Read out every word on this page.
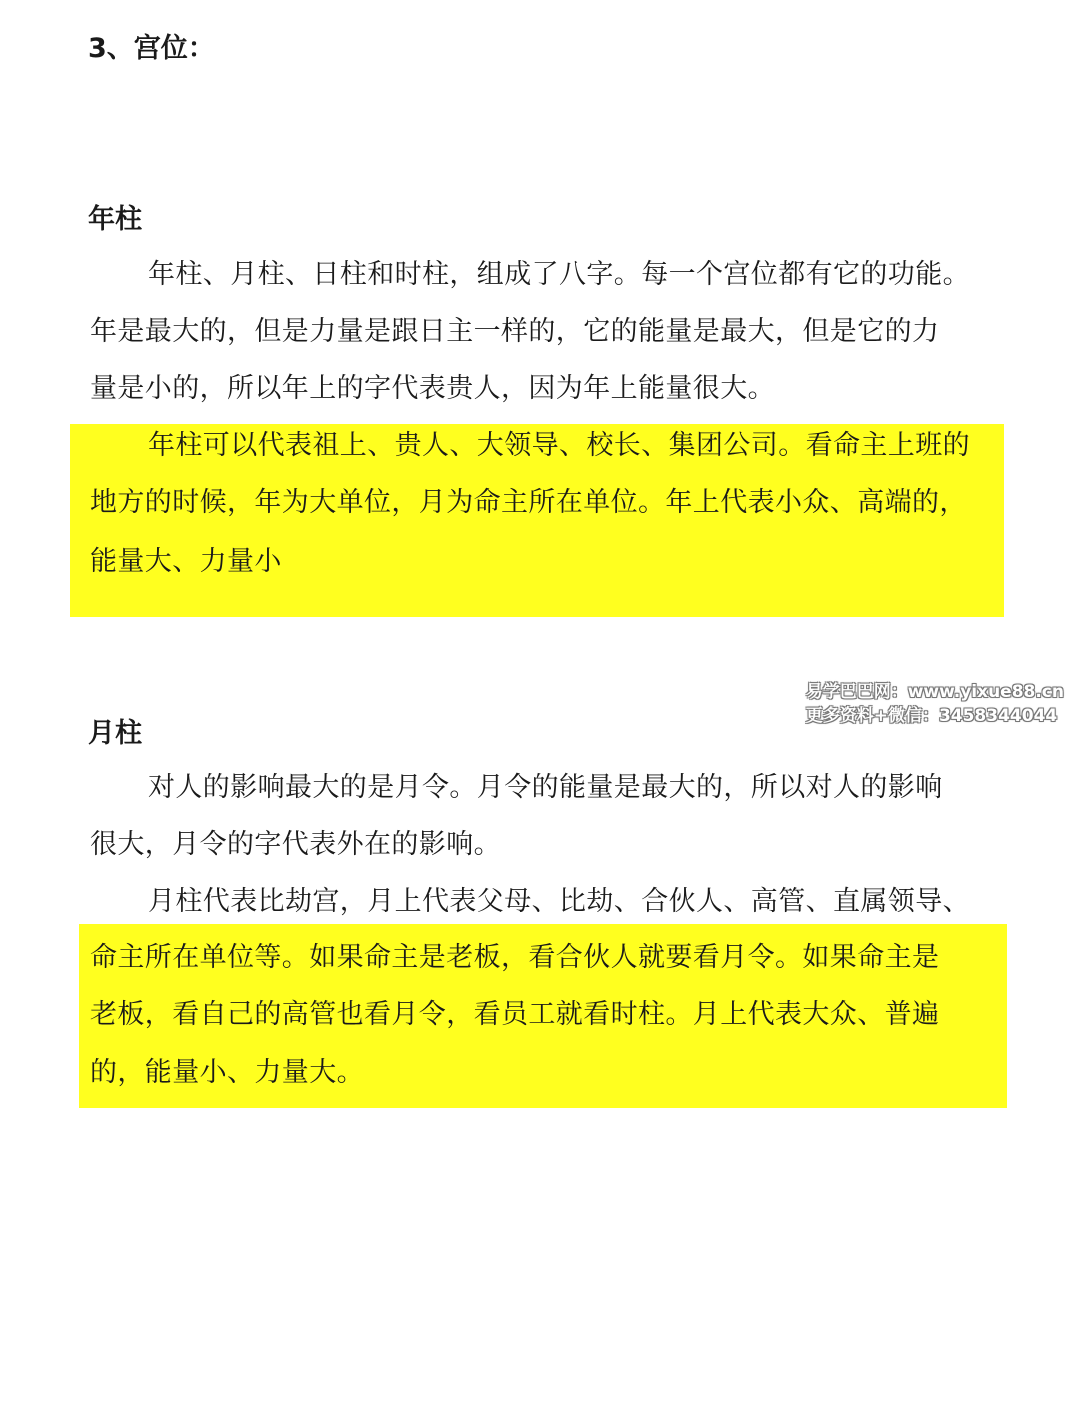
3、宫位：
年柱

年柱、月柱、日柱和时柱，组成了八字。每一个宫位都有它的功能。

年是最大的，但是力量是跟日主一样的，它的能量是最大，但是它的力

量是小的，所以年上的字代表贵人，因为年上能量很大。

年柱可以代表祖上、贵人、大领导、校长、集团公司。看命主上班的

地方的时候，年为大单位，月为命主所在单位。年上代表小众、高端的，

能量大、力量小

易学巴巴网：www.yixue88.cn
更多资料+微信：3458344044
月柱

对人的影响最大的是月令。月令的能量是最大的，所以对人的影响

很大，月令的字代表外在的影响。

月柱代表比劫宫，月上代表父母、比劫、合伙人、高管、直属领导、

命主所在单位等。如果命主是老板，看合伙人就要看月令。如果命主是

老板，看自己的高管也看月令，看员工就看时柱。月上代表大众、普遍

的，能量小、力量大。
